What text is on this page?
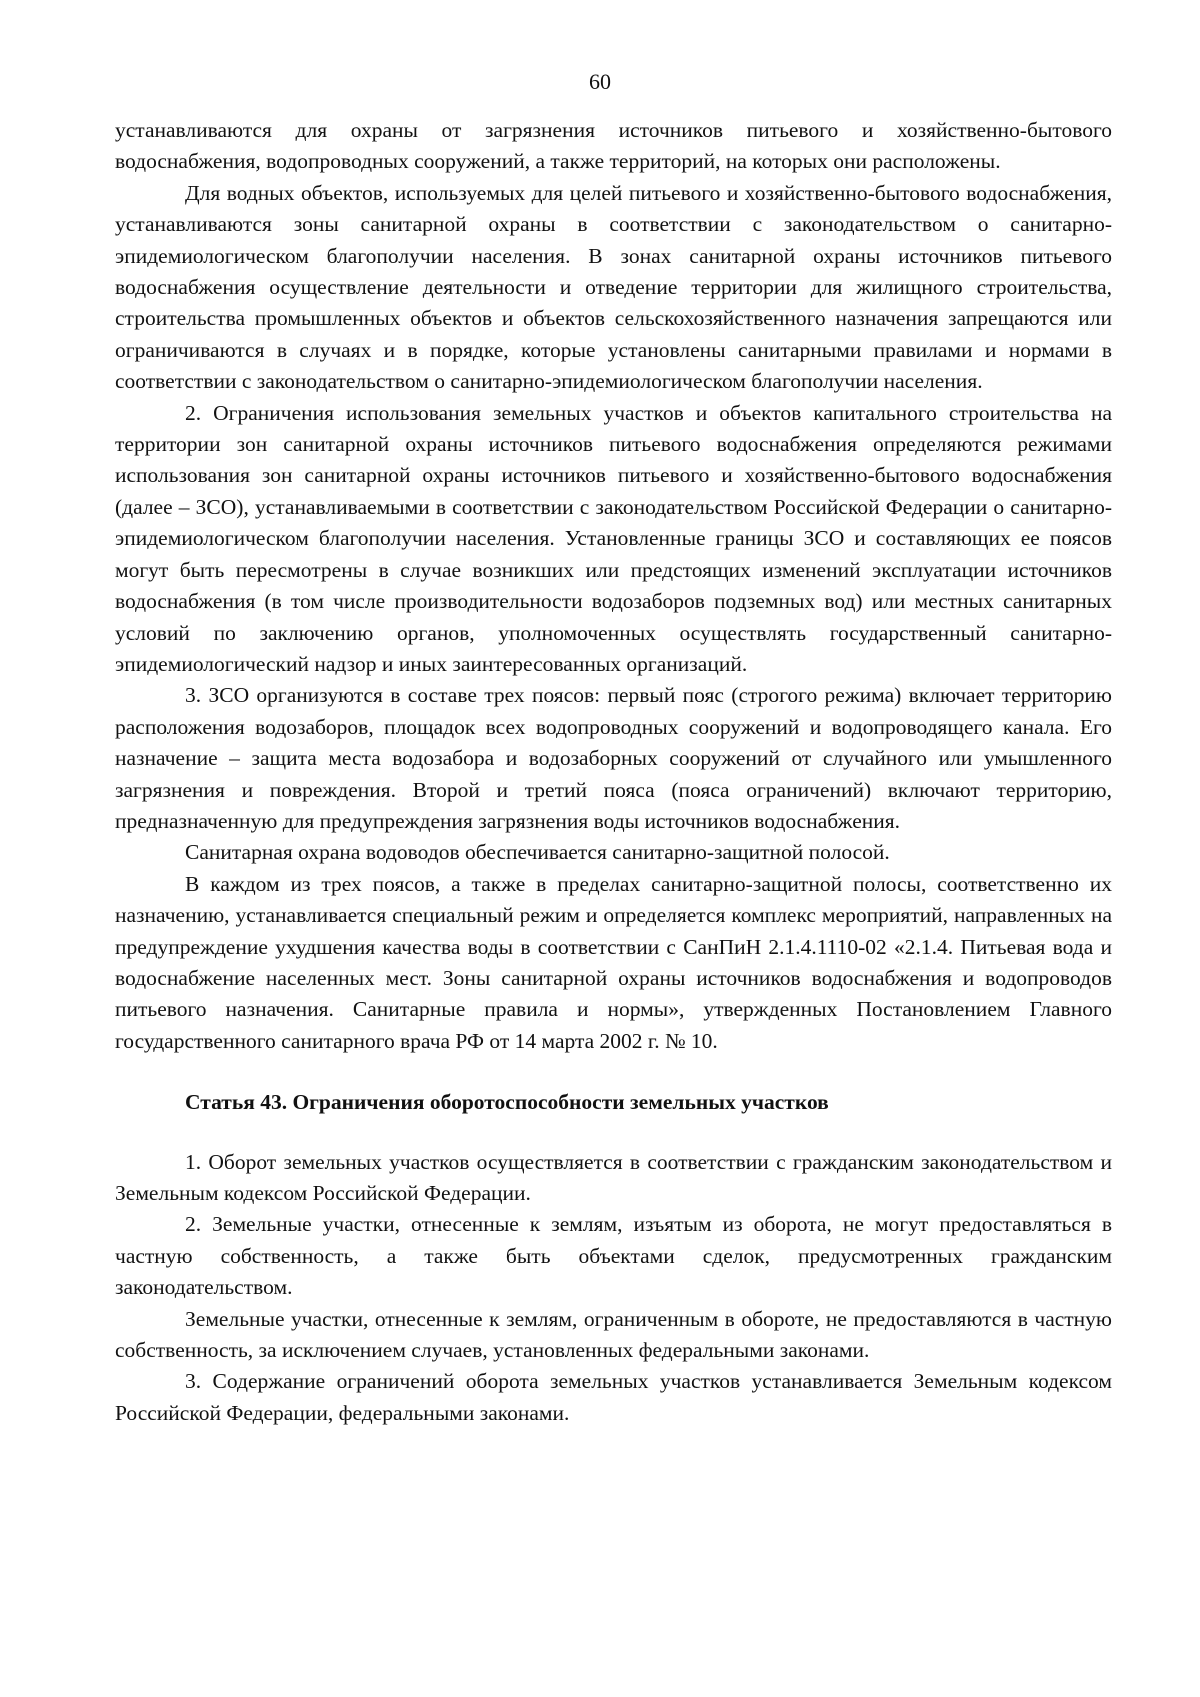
60

устанавливаются для охраны от загрязнения источников питьевого и хозяйственно-бытового водоснабжения, водопроводных сооружений, а также территорий, на которых они расположены.

Для водных объектов, используемых для целей питьевого и хозяйственно-бытового водоснабжения, устанавливаются зоны санитарной охраны в соответствии с законодательством о санитарно-эпидемиологическом благополучии населения. В зонах санитарной охраны источников питьевого водоснабжения осуществление деятельности и отведение территории для жилищного строительства, строительства промышленных объектов и объектов сельскохозяйственного назначения запрещаются или ограничиваются в случаях и в порядке, которые установлены санитарными правилами и нормами в соответствии с законодательством о санитарно-эпидемиологическом благополучии населения.

2. Ограничения использования земельных участков и объектов капитального строительства на территории зон санитарной охраны источников питьевого водоснабжения определяются режимами использования зон санитарной охраны источников питьевого и хозяйственно-бытового водоснабжения (далее – ЗСО), устанавливаемыми в соответствии с законодательством Российской Федерации о санитарно-эпидемиологическом благополучии населения. Установленные границы ЗСО и составляющих ее поясов могут быть пересмотрены в случае возникших или предстоящих изменений эксплуатации источников водоснабжения (в том числе производительности водозаборов подземных вод) или местных санитарных условий по заключению органов, уполномоченных осуществлять государственный санитарно-эпидемиологический надзор и иных заинтересованных организаций.

3. ЗСО организуются в составе трех поясов: первый пояс (строгого режима) включает территорию расположения водозаборов, площадок всех водопроводных сооружений и водопроводящего канала. Его назначение – защита места водозабора и водозаборных сооружений от случайного или умышленного загрязнения и повреждения. Второй и третий пояса (пояса ограничений) включают территорию, предназначенную для предупреждения загрязнения воды источников водоснабжения.

Санитарная охрана водоводов обеспечивается санитарно-защитной полосой.

В каждом из трех поясов, а также в пределах санитарно-защитной полосы, соответственно их назначению, устанавливается специальный режим и определяется комплекс мероприятий, направленных на предупреждение ухудшения качества воды в соответствии с СанПиН 2.1.4.1110-02 «2.1.4. Питьевая вода и водоснабжение населенных мест. Зоны санитарной охраны источников водоснабжения и водопроводов питьевого назначения. Санитарные правила и нормы», утвержденных Постановлением Главного государственного санитарного врача РФ от 14 марта 2002 г. № 10.

Статья 43. Ограничения оборотоспособности земельных участков

1. Оборот земельных участков осуществляется в соответствии с гражданским законодательством и Земельным кодексом Российской Федерации.

2. Земельные участки, отнесенные к землям, изъятым из оборота, не могут предоставляться в частную собственность, а также быть объектами сделок, предусмотренных гражданским законодательством.

Земельные участки, отнесенные к землям, ограниченным в обороте, не предоставляются в частную собственность, за исключением случаев, установленных федеральными законами.

3. Содержание ограничений оборота земельных участков устанавливается Земельным кодексом Российской Федерации, федеральными законами.
